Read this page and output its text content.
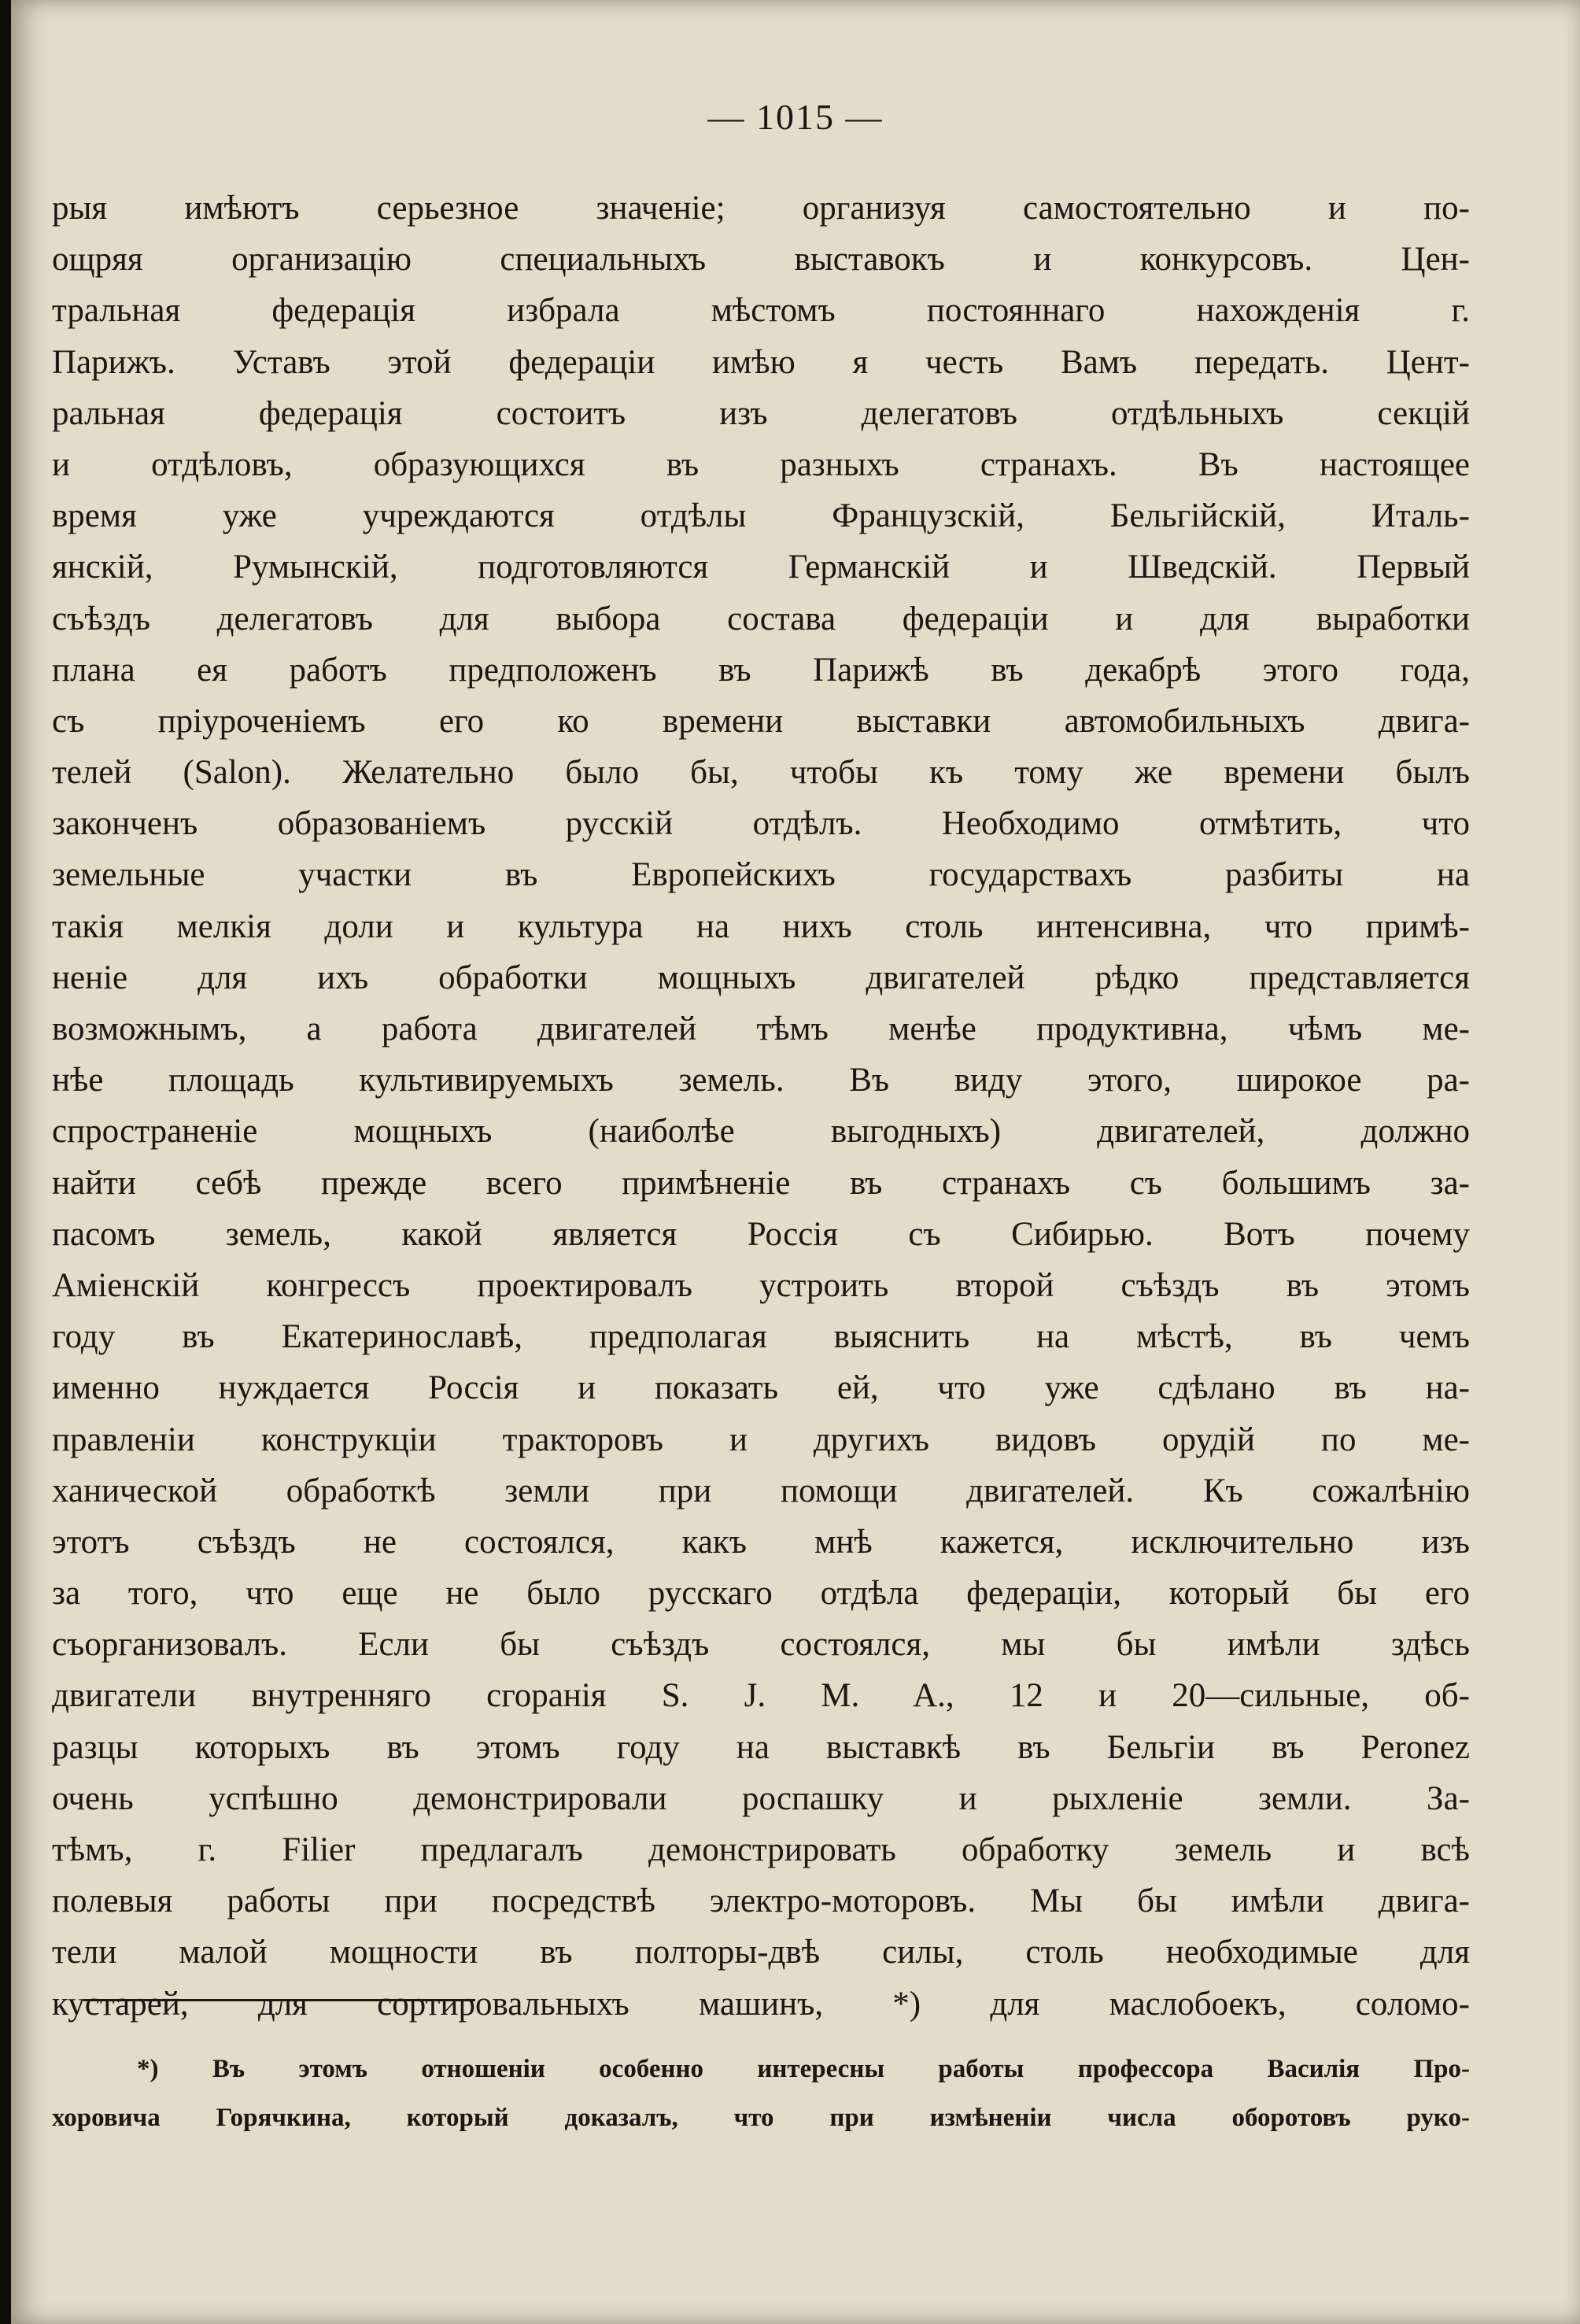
— 1015 —
рыя имѣютъ серьезное значеніе; организуя самостоятельно и по-
ощряя организацію специальныхъ выставокъ и конкурсовъ. Цен-
тральная федерація избрала мѣстомъ постояннаго нахожденія г.
Парижъ. Уставъ этой федераціи имѣю я честь Вамъ передать. Цент-
ральная федерація состоитъ изъ делегатовъ отдѣльныхъ секцій
и отдѣловъ, образующихся въ разныхъ странахъ. Въ настоящее
время уже учреждаются отдѣлы Французскій, Бельгійскій, Италь-
янскій, Румынскій, подготовляются Германскій и Шведскій. Первый
съѣздъ делегатовъ для выбора состава федераціи и для выработки
плана ея работъ предположенъ въ Парижѣ въ декабрѣ этого года,
съ пріуроченіемъ его ко времени выставки автомобильныхъ двига-
телей (Salon). Желательно было бы, чтобы къ тому же времени былъ
законченъ образованіемъ русскій отдѣлъ. Необходимо отмѣтить, что
земельные участки въ Европейскихъ государствахъ разбиты на
такія мелкія доли и культура на нихъ столь интенсивна, что примѣ-
неніе для ихъ обработки мощныхъ двигателей рѣдко представляется
возможнымъ, а работа двигателей тѣмъ менѣе продуктивна, чѣмъ ме-
нѣе площадь культивируемыхъ земель. Въ виду этого, широкое ра-
спространеніе мощныхъ (наиболѣе выгодныхъ) двигателей, должно
найти себѣ прежде всего примѣненіе въ странахъ съ большимъ за-
пасомъ земель, какой является Россія съ Сибирью. Вотъ почему
Аміенскій конгрессъ проектировалъ устроить второй съѣздъ въ этомъ
году въ Екатеринославѣ, предполагая выяснить на мѣстѣ, въ чемъ
именно нуждается Россія и показать ей, что уже сдѣлано въ на-
правленіи конструкціи тракторовъ и другихъ видовъ орудій по ме-
ханической обработкѣ земли при помощи двигателей. Къ сожалѣнію
этотъ съѣздъ не состоялся, какъ мнѣ кажется, исключительно изъ
за того, что еще не было русскаго отдѣла федераціи, который бы его
съорганизовалъ. Если бы съѣздъ состоялся, мы бы имѣли здѣсь
двигатели внутренняго сгоранія S. J. M. A., 12 и 20—сильные, об-
разцы которыхъ въ этомъ году на выставкѣ въ Бельгіи въ Peronez
очень успѣшно демонстрировали роспашку и рыхленіе земли. За-
тѣмъ, г. Filier предлагалъ демонстрировать обработку земель и всѣ
полевыя работы при посредствѣ электро-моторовъ. Мы бы имѣли двига-
тели малой мощности въ полторы-двѣ силы, столь необходимые для
кустарей, для сортировальныхъ машинъ, *) для маслобоекъ, соломо-
*) Въ этомъ отношеніи особенно интересны работы профессора Василія Про-
хоровича Горячкина, который доказалъ, что при измѣненіи числа оборотовъ руко-
